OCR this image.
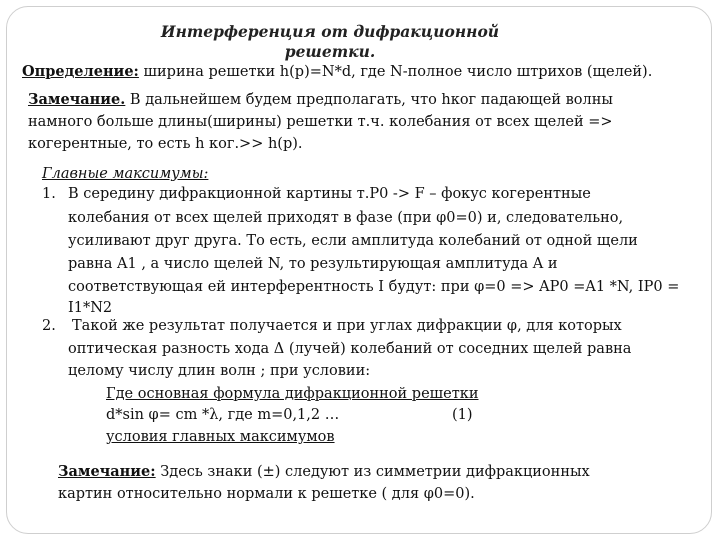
Интерференция от дифракционной решетки.
Определение: ширина решетки h(p)=N*d, где N-полное число штрихов (щелей).
Замечание. В дальнейшем будем предполагать, что hког падающей волны
намного больше длины(ширины) решетки т.ч. колебания от всех щелей =>
когерентные, то есть h ког.>> h(p).
Главные максимумы:
1. В середину дифракционной картины т.P0 -> F – фокус когерентные
колебания от всех щелей приходят в фазе (при φ0=0) и, следовательно,
усиливают друг друга. То есть, если амплитуда колебаний от одной щели
равна A1 , а число щелей N, то результирующая амплитуда A и
соответствующая ей интерферентность I будут: при φ=0 => AP0 =A1 *N, IP0 =
I1*N2
2. Такой же результат получается и при углах дифракции φ, для которых
оптическая разность хода Δ (лучей) колебаний от соседних щелей равна
целому числу длин волн ; при условии:
Где основная формула дифракционной решетки
d*sin φ= cm *λ, где m=0,1,2 …	(1)
условия главных максимумов
Замечание: Здесь знаки (±) следуют из симметрии дифракционных
картин относительно нормали к решетке ( для φ0=0).
